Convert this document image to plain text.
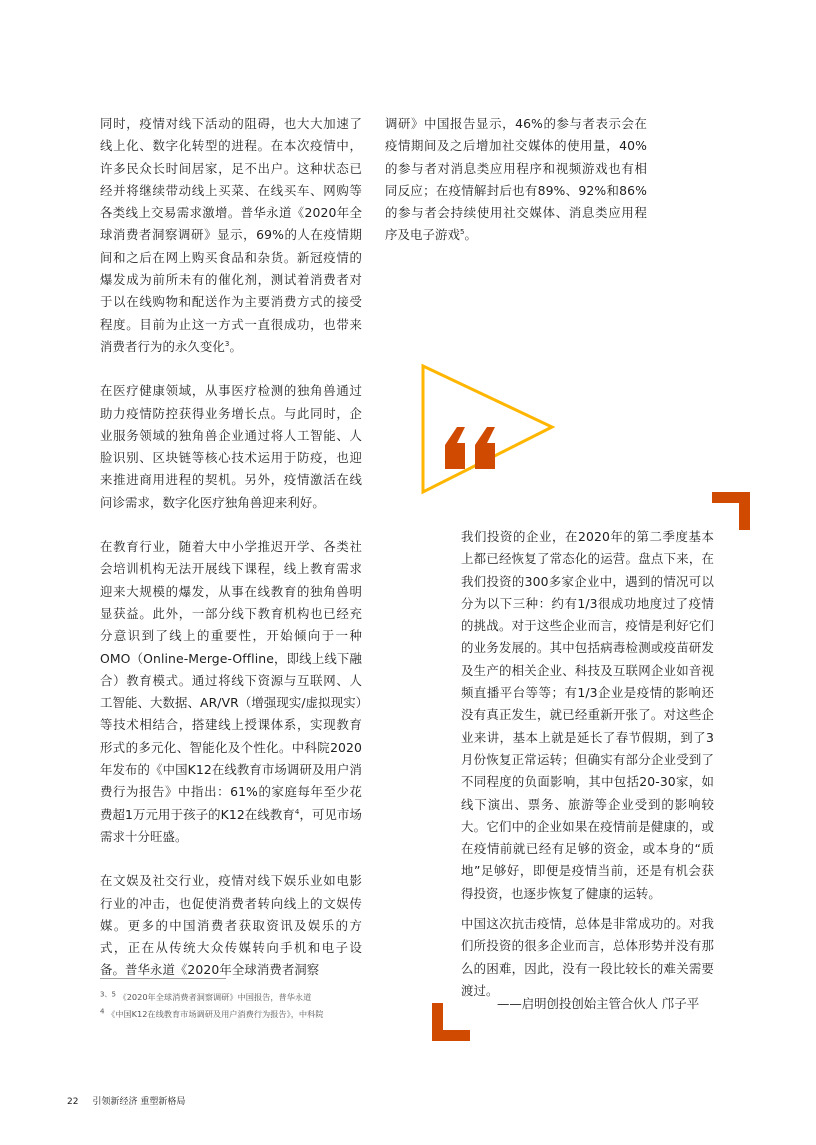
同时，疫情对线下活动的阻碍，也大大加速了线上化、数字化转型的进程。在本次疫情中，许多民众长时间居家，足不出户。这种状态已经并将继续带动线上买菜、在线买车、网购等各类线上交易需求激增。普华永道《2020年全球消费者洞察调研》显示，69%的人在疫情期间和之后在网上购买食品和杂货。新冠疫情的爆发成为前所未有的催化剂，测试着消费者对于以在线购物和配送作为主要消费方式的接受程度。目前为止这一方式一直很成功，也带来消费者行为的永久变化$^3$。

在医疗健康领域，从事医疗检测的独角兽通过助力疫情防控获得业务增长点。与此同时，企业服务领域的独角兽企业通过将人工智能、人脸识别、区块链等核心技术运用于防疫，也迎来推进商用进程的契机。另外，疫情激活在线问诊需求，数字化医疗独角兽迎来利好。

在教育行业，随着大中小学推迟开学、各类社会培训机构无法开展线下课程，线上教育需求迎来大规模的爆发，从事在线教育的独角兽明显获益。此外，一部分线下教育机构也已经充分意识到了线上的重要性，开始倾向于一种OMO（Online-Merge-Offline，即线上线下融合）教育模式。通过将线下资源与互联网、人工智能、大数据、AR/VR（增强现实/虚拟现实）等技术相结合，搭建线上授课体系，实现教育形式的多元化、智能化及个性化。中科院2020年发布的《中国K12在线教育市场调研及用户消费行为报告》中指出：61%的家庭每年至少花费超1万元用于孩子的K12在线教育$^4$，可见市场需求十分旺盛。

在文娱及社交行业，疫情对线下娱乐业如电影行业的冲击，也促使消费者转向线上的文娱传媒。更多的中国消费者获取资讯及娱乐的方式，正在从传统大众传媒转向手机和电子设备。普华永道《2020年全球消费者洞察

调研》中国报告显示，46%的参与者表示会在疫情期间及之后增加社交媒体的使用量，40%的参与者对消息类应用程序和视频游戏也有相同反应；在疫情解封后也有89%、92%和86%的参与者会持续使用社交媒体、消息类应用程序及电子游戏$^5$。

我们投资的企业，在2020年的第二季度基本上都已经恢复了常态化的运营。盘点下来，在我们投资的300多家企业中，遇到的情况可以分为以下三种：约有1/3很成功地度过了疫情的挑战。对于这些企业而言，疫情是利好它们的业务发展的。其中包括病毒检测或疫苗研发及生产的相关企业、科技及互联网企业如音视频直播平台等等；有1/3企业是疫情的影响还没有真正发生，就已经重新开张了。对这些企业来讲，基本上就是延长了春节假期，到了3月份恢复正常运转；但确实有部分企业受到了不同程度的负面影响，其中包括20-30家，如线下演出、票务、旅游等企业受到的影响较大。它们中的企业如果在疫情前是健康的，或在疫情前就已经有足够的资金，或本身的“质地”足够好，即便是疫情当前，还是有机会获得投资，也逐步恢复了健康的运转。

中国这次抗击疫情，总体是非常成功的。对我们所投资的很多企业而言，总体形势并没有那么的困难，因此，没有一段比较长的难关需要渡过。

——启明创投创始主管合伙人 邝子平

$^{3、5}$ 《2020年全球消费者洞察调研》中国报告，普华永道

$^4$ 《中国K12在线教育市场调研及用户消费行为报告》，中科院

22 引领新经济 重塑新格局
